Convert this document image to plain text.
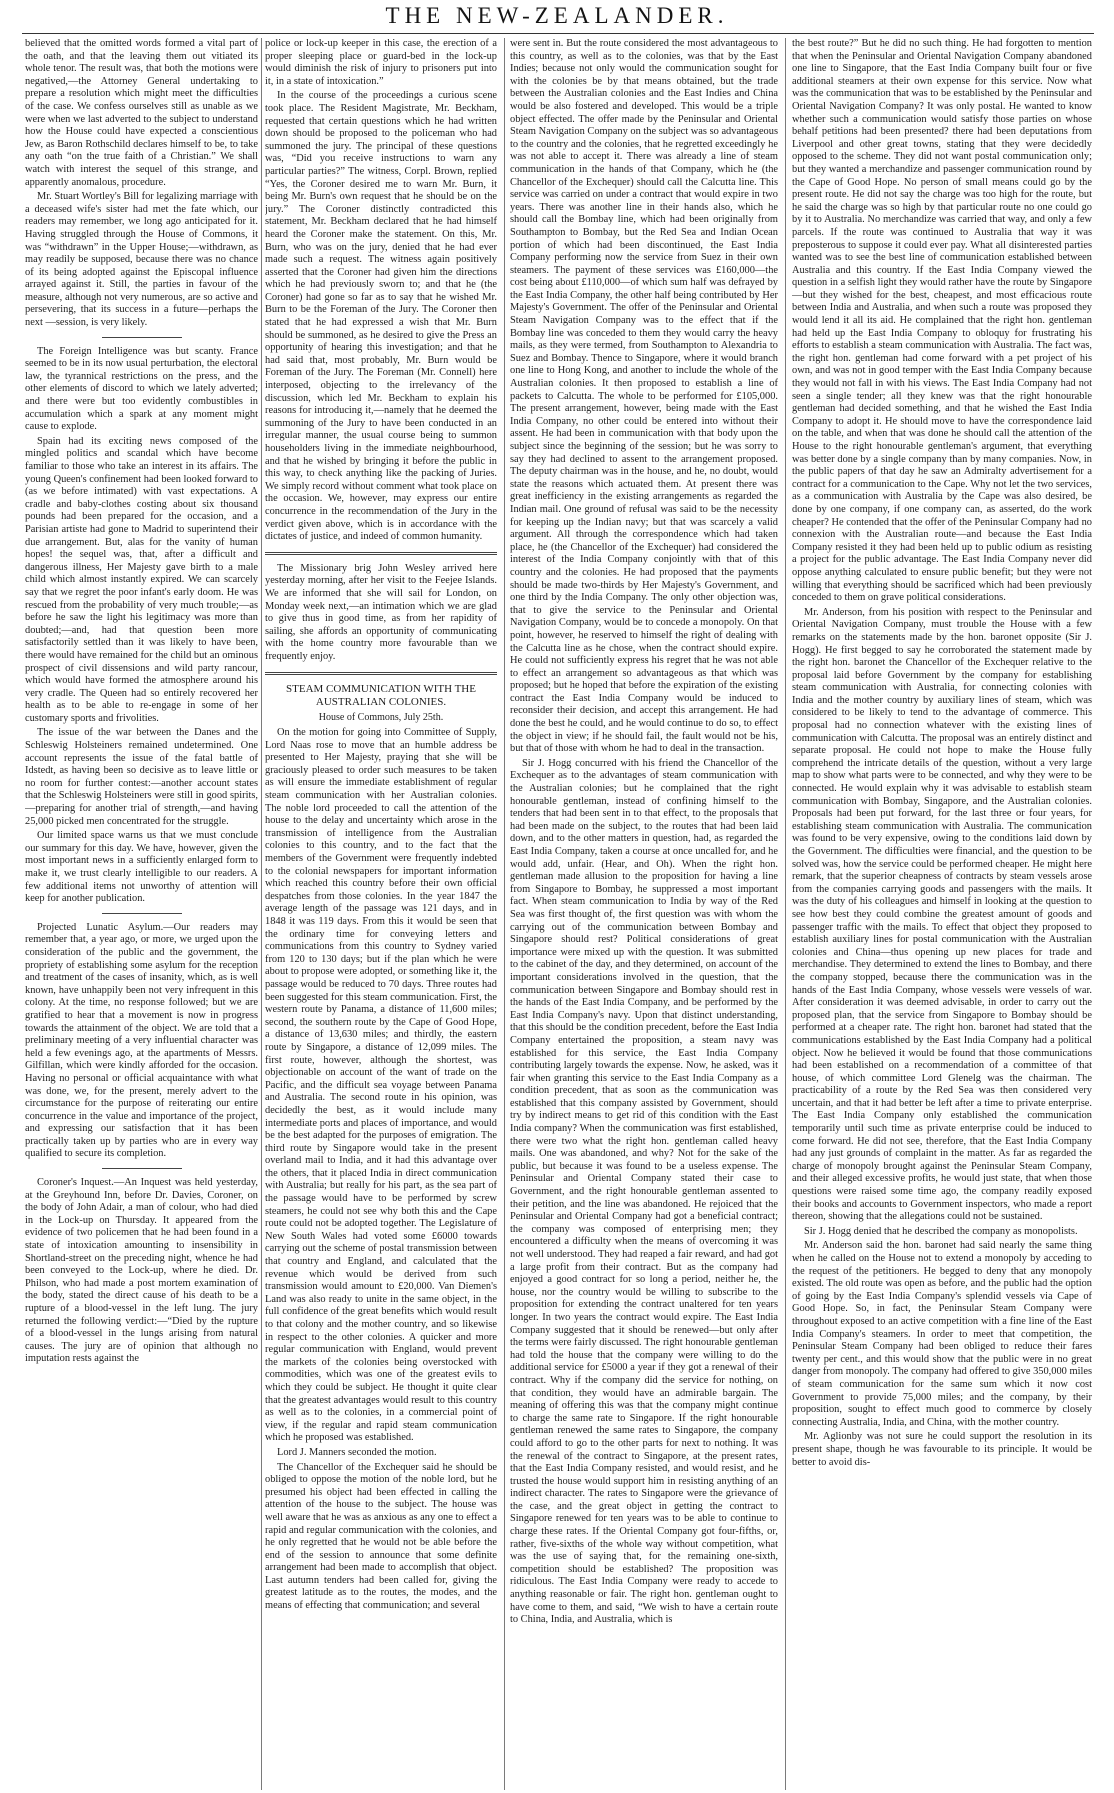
THE NEW-ZEALANDER.

believed that the omitted words formed a vital part of the oath, and that the leaving them out vitiated its whole tenor. The result was, that both the motions were negatived,—the Attorney General undertaking to prepare a resolution which might meet the difficulties of the case. We confess ourselves still as unable as we were when we last adverted to the subject to understand how the House could have expected a conscientious Jew, as Baron Rothschild declares himself to be, to take any oath “on the true faith of a Christian.” We shall watch with interest the sequel of this strange, and apparently anomalous, procedure.

Mr. Stuart Wortley's Bill for legalizing marriage with a deceased wife's sister had met the fate which, our readers may remember, we long ago anticipated for it. Having struggled through the House of Commons, it was “withdrawn” in the Upper House;—withdrawn, as may readily be supposed, because there was no chance of its being adopted against the Episcopal influence arrayed against it. Still, the parties in favour of the measure, although not very numerous, are so active and persevering, that its success in a future—perhaps the next —session, is very likely.

The Foreign Intelligence was but scanty. France seemed to be in its now usual perturbation, the electoral law, the tyrannical restrictions on the press, and the other elements of discord to which we lately adverted; and there were but too evidently combustibles in accumulation which a spark at any moment might cause to explode.

Spain had its exciting news composed of the mingled politics and scandal which have become familiar to those who take an interest in its affairs. The young Queen's confinement had been looked forward to (as we before intimated) with vast expectations. A cradle and baby-clothes costing about six thousand pounds had been prepared for the occasion, and a Parisian artiste had gone to Madrid to superintend their due arrangement. But, alas for the vanity of human hopes! the sequel was, that, after a difficult and dangerous illness, Her Majesty gave birth to a male child which almost instantly expired. We can scarcely say that we regret the poor infant's early doom. He was rescued from the probability of very much trouble;—as before he saw the light his legitimacy was more than doubted;—and, had that question been more satisfactorily settled than it was likely to have been, there would have remained for the child but an ominous prospect of civil dissensions and wild party rancour, which would have formed the atmosphere around his very cradle. The Queen had so entirely recovered her health as to be able to re-engage in some of her customary sports and frivolities.

The issue of the war between the Danes and the Schleswig Holsteiners remained undetermined. One account represents the issue of the fatal battle of Idstedt, as having been so decisive as to leave little or no room for further contest:—another account states that the Schleswig Holsteiners were still in good spirits,—preparing for another trial of strength,—and having 25,000 picked men concentrated for the struggle.

Our limited space warns us that we must conclude our summary for this day. We have, however, given the most important news in a sufficiently enlarged form to make it, we trust clearly intelligible to our readers. A few additional items not unworthy of attention will keep for another publication.

Projected Lunatic Asylum.—Our readers may remember that, a year ago, or more, we urged upon the consideration of the public and the government, the propriety of establishing some asylum for the reception and treatment of the cases of insanity, which, as is well known, have unhappily been not very infrequent in this colony. At the time, no response followed; but we are gratified to hear that a movement is now in progress towards the attainment of the object. We are told that a preliminary meeting of a very influential character was held a few evenings ago, at the apartments of Messrs. Gilfillan, which were kindly afforded for the occasion. Having no personal or official acquaintance with what was done, we, for the present, merely advert to the circumstance for the purpose of reiterating our entire concurrence in the value and importance of the project, and expressing our satisfaction that it has been practically taken up by parties who are in every way qualified to secure its completion.

Coroner's Inquest.—An Inquest was held yesterday, at the Greyhound Inn, before Dr. Davies, Coroner, on the body of John Adair, a man of colour, who had died in the Lock-up on Thursday. It appeared from the evidence of two policemen that he had been found in a state of intoxication amounting to insensibility in Shortland-street on the preceding night, whence he had been conveyed to the Lock-up, where he died. Dr. Philson, who had made a post mortem examination of the body, stated the direct cause of his death to be a rupture of a blood-vessel in the left lung. The jury returned the following verdict:—“Died by the rupture of a blood-vessel in the lungs arising from natural causes. The jury are of opinion that although no imputation rests against the

police or lock-up keeper in this case, the erection of a proper sleeping place or guard-bed in the lock-up would diminish the risk of injury to prisoners put into it, in a state of intoxication.”

In the course of the proceedings a curious scene took place. The Resident Magistrate, Mr. Beckham, requested that certain questions which he had written down should be proposed to the policeman who had summoned the jury. The principal of these questions was, “Did you receive instructions to warn any particular parties?” The witness, Corpl. Brown, replied “Yes, the Coroner desired me to warn Mr. Burn, it being Mr. Burn's own request that he should be on the jury.” The Coroner distinctly contradicted this statement, Mr. Beckham declared that he had himself heard the Coroner make the statement. On this, Mr. Burn, who was on the jury, denied that he had ever made such a request. The witness again positively asserted that the Coroner had given him the directions which he had previously sworn to; and that he (the Coroner) had gone so far as to say that he wished Mr. Burn to be the Foreman of the Jury. The Coroner then stated that he had expressed a wish that Mr. Burn should be summoned, as he desired to give the Press an opportunity of hearing this investigation; and that he had said that, most probably, Mr. Burn would be Foreman of the Jury. The Foreman (Mr. Connell) here interposed, objecting to the irrelevancy of the discussion, which led Mr. Beckham to explain his reasons for introducing it,—namely that he deemed the summoning of the Jury to have been conducted in an irregular manner, the usual course being to summon householders living in the immediate neighbourhood, and that he wished by bringing it before the public in this way, to check anything like the packing of Juries. We simply record without comment what took place on the occasion. We, however, may express our entire concurrence in the recommendation of the Jury in the verdict given above, which is in accordance with the dictates of justice, and indeed of common humanity.

The Missionary brig John Wesley arrived here yesterday morning, after her visit to the Feejee Islands. We are informed that she will sail for London, on Monday week next,—an intimation which we are glad to give thus in good time, as from her rapidity of sailing, she affords an opportunity of communicating with the home country more favourable than we frequently enjoy.

STEAM COMMUNICATION WITH THE AUSTRALIAN COLONIES.
House of Commons, July 25th.

On the motion for going into Committee of Supply, Lord Naas rose to move that an humble address be presented to Her Majesty, praying that she will be graciously pleased to order such measures to be taken as will ensure the immediate establishment of regular steam communication with her Australian colonies. The noble lord proceeded to call the attention of the house to the delay and uncertainty which arose in the transmission of intelligence from the Australian colonies to this country, and to the fact that the members of the Government were frequently indebted to the colonial newspapers for important information which reached this country before their own official despatches from those colonies. In the year 1847 the average length of the passage was 121 days, and in 1848 it was 119 days. From this it would be seen that the ordinary time for conveying letters and communications from this country to Sydney varied from 120 to 130 days; but if the plan which he were about to propose were adopted, or something like it, the passage would be reduced to 70 days. Three routes had been suggested for this steam communication. First, the western route by Panama, a distance of 11,600 miles; second, the southern route by the Cape of Good Hope, a distance of 13,630 miles; and thirdly, the eastern route by Singapore, a distance of 12,099 miles. The first route, however, although the shortest, was objectionable on account of the want of trade on the Pacific, and the difficult sea voyage between Panama and Australia. The second route in his opinion, was decidedly the best, as it would include many intermediate ports and places of importance, and would be the best adapted for the purposes of emigration. The third route by Singapore would take in the present overland mail to India, and it had this advantage over the others, that it placed India in direct communication with Australia; but really for his part, as the sea part of the passage would have to be performed by screw steamers, he could not see why both this and the Cape route could not be adopted together. The Legislature of New South Wales had voted some £6000 towards carrying out the scheme of postal transmission between that country and England, and calculated that the revenue which would be derived from such transmission would amount to £20,000. Van Diemen's Land was also ready to unite in the same object, in the full confidence of the great benefits which would result to that colony and the mother country, and so likewise in respect to the other colonies. A quicker and more regular communication with England, would prevent the markets of the colonies being overstocked with commodities, which was one of the greatest evils to which they could be subject. He thought it quite clear that the greatest advantages would result to this country as well as to the colonies, in a commercial point of view, if the regular and rapid steam communication which he proposed was established.

Lord J. Manners seconded the motion.

The Chancellor of the Exchequer said he should be obliged to oppose the motion of the noble lord, but he presumed his object had been effected in calling the attention of the house to the subject. The house was well aware that he was as anxious as any one to effect a rapid and regular communication with the colonies, and he only regretted that he would not be able before the end of the session to announce that some definite arrangement had been made to accomplish that object. Last autumn tenders had been called for, giving the greatest latitude as to the routes, the modes, and the means of effecting that communication; and several

were sent in. But the route considered the most advantageous to this country, as well as to the colonies, was that by the East Indies; because not only would the communication sought for with the colonies be by that means obtained, but the trade between the Australian colonies and the East Indies and China would be also fostered and developed. This would be a triple object effected. The offer made by the Peninsular and Oriental Steam Navigation Company on the subject was so advantageous to the country and the colonies, that he regretted exceedingly he was not able to accept it. There was already a line of steam communication in the hands of that Company, which he (the Chancellor of the Exchequer) should call the Calcutta line. This service was carried on under a contract that would expire in two years. There was another line in their hands also, which he should call the Bombay line, which had been originally from Southampton to Bombay, but the Red Sea and Indian Ocean portion of which had been discontinued, the East India Company performing now the service from Suez in their own steamers. The payment of these services was £160,000—the cost being about £110,000—of which sum half was defrayed by the East India Company, the other half being contributed by Her Majesty's Government. The offer of the Peninsular and Oriental Steam Navigation Company was to the effect that if the Bombay line was conceded to them they would carry the heavy mails, as they were termed, from Southampton to Alexandria to Suez and Bombay. Thence to Singapore, where it would branch one line to Hong Kong, and another to include the whole of the Australian colonies. It then proposed to establish a line of packets to Calcutta. The whole to be performed for £105,000. The present arrangement, however, being made with the East India Company, no other could be entered into without their assent. He had been in communication with that body upon the subject since the beginning of the session; but he was sorry to say they had declined to assent to the arrangement proposed. The deputy chairman was in the house, and he, no doubt, would state the reasons which actuated them. At present there was great inefficiency in the existing arrangements as regarded the Indian mail. One ground of refusal was said to be the necessity for keeping up the Indian navy; but that was scarcely a valid argument. All through the correspondence which had taken place, he (the Chancellor of the Exchequer) had considered the interest of the India Company conjointly with that of this country and the colonies. He had proposed that the payments should be made two-thirds by Her Majesty's Government, and one third by the India Company. The only other objection was, that to give the service to the Peninsular and Oriental Navigation Company, would be to concede a monopoly. On that point, however, he reserved to himself the right of dealing with the Calcutta line as he chose, when the contract should expire. He could not sufficiently express his regret that he was not able to effect an arrangement so advantageous as that which was proposed; but he hoped that before the expiration of the existing contract the East India Company would be induced to reconsider their decision, and accept this arrangement. He had done the best he could, and he would continue to do so, to effect the object in view; if he should fail, the fault would not be his, but that of those with whom he had to deal in the transaction.

Sir J. Hogg concurred with his friend the Chancellor of the Exchequer as to the advantages of steam communication with the Australian colonies; but he complained that the right honourable gentleman, instead of confining himself to the tenders that had been sent in to that effect, to the proposals that had been made on the subject, to the routes that had been laid down, and to the other matters in question, had, as regarded the East India Company, taken a course at once uncalled for, and he would add, unfair. (Hear, and Oh). When the right hon. gentleman made allusion to the proposition for having a line from Singapore to Bombay, he suppressed a most important fact. When steam communication to India by way of the Red Sea was first thought of, the first question was with whom the carrying out of the communication between Bombay and Singapore should rest? Political considerations of great importance were mixed up with the question. It was submitted to the cabinet of the day, and they determined, on account of the important considerations involved in the question, that the communication between Singapore and Bombay should rest in the hands of the East India Company, and be performed by the East India Company's navy. Upon that distinct understanding, that this should be the condition precedent, before the East India Company entertained the proposition, a steam navy was established for this service, the East India Company contributing largely towards the expense. Now, he asked, was it fair when granting this service to the East India Company as a condition precedent, that as soon as the communication was established that this company assisted by Government, should try by indirect means to get rid of this condition with the East India company? When the communication was first established, there were two what the right hon. gentleman called heavy mails. One was abandoned, and why? Not for the sake of the public, but because it was found to be a useless expense. The Peninsular and Oriental Company stated their case to Government, and the right honourable gentleman assented to their petition, and the line was abandoned. He rejoiced that the Peninsular and Oriental Company had got a beneficial contract; the company was composed of enterprising men; they encountered a difficulty when the means of overcoming it was not well understood. They had reaped a fair reward, and had got a large profit from their contract. But as the company had enjoyed a good contract for so long a period, neither he, the house, nor the country would be willing to subscribe to the proposition for extending the contract unaltered for ten years longer. In two years the contract would expire. The East India Company suggested that it should be renewed—but only after the terms were fairly discussed. The right honourable gentleman had told the house that the company were willing to do the additional service for £5000 a year if they got a renewal of their contract. Why if the company did the service for nothing, on that condition, they would have an admirable bargain. The meaning of offering this was that the company might continue to charge the same rate to Singapore. If the right honourable gentleman renewed the same rates to Singapore, the company could afford to go to the other parts for next to nothing. It was the renewal of the contract to Singapore, at the present rates, that the East India Company resisted, and would resist, and he trusted the house would support him in resisting anything of an indirect character. The rates to Singapore were the grievance of the case, and the great object in getting the contract to Singapore renewed for ten years was to be able to continue to charge these rates. If the Oriental Company got four-fifths, or, rather, five-sixths of the whole way without competition, what was the use of saying that, for the remaining one-sixth, competition should be established? The proposition was ridiculous. The East India Company were ready to accede to anything reasonable or fair. The right hon. gentleman ought to have come to them, and said, “We wish to have a certain route to China, India, and Australia, which is

the best route?” But he did no such thing. He had forgotten to mention that when the Peninsular and Oriental Navigation Company abandoned one line to Singapore, that the East India Company built four or five additional steamers at their own expense for this service. Now what was the communication that was to be established by the Peninsular and Oriental Navigation Company? It was only postal. He wanted to know whether such a communication would satisfy those parties on whose behalf petitions had been presented? there had been deputations from Liverpool and other great towns, stating that they were decidedly opposed to the scheme. They did not want postal communication only; but they wanted a merchandize and passenger communication round by the Cape of Good Hope. No person of small means could go by the present route. He did not say the charge was too high for the route, but he said the charge was so high by that particular route no one could go by it to Australia. No merchandize was carried that way, and only a few parcels. If the route was continued to Australia that way it was preposterous to suppose it could ever pay. What all disinterested parties wanted was to see the best line of communication established between Australia and this country. If the East India Company viewed the question in a selfish light they would rather have the route by Singapore —but they wished for the best, cheapest, and most efficacious route between India and Australia, and when such a route was proposed they would lend it all its aid. He complained that the right hon. gentleman had held up the East India Company to obloquy for frustrating his efforts to establish a steam communication with Australia. The fact was, the right hon. gentleman had come forward with a pet project of his own, and was not in good temper with the East India Company because they would not fall in with his views. The East India Company had not seen a single tender; all they knew was that the right honourable gentleman had decided something, and that he wished the East India Company to adopt it. He should move to have the correspondence laid on the table, and when that was done he should call the attention of the House to the right honourable gentleman's argument, that everything was better done by a single company than by many companies. Now, in the public papers of that day he saw an Admiralty advertisement for a contract for a communication to the Cape. Why not let the two services, as a communication with Australia by the Cape was also desired, be done by one company, if one company can, as asserted, do the work cheaper? He contended that the offer of the Peninsular Company had no connexion with the Australian route—and because the East India Company resisted it they had been held up to public odium as resisting a project for the public advantage. The East India Company never did oppose anything calculated to ensure public benefit; but they were not willing that everything should be sacrificed which had been previously conceded to them on grave political considerations.

Mr. Anderson, from his position with respect to the Peninsular and Oriental Navigation Company, must trouble the House with a few remarks on the statements made by the hon. baronet opposite (Sir J. Hogg). He first begged to say he corroborated the statement made by the right hon. baronet the Chancellor of the Exchequer relative to the proposal laid before Government by the company for establishing steam communication with Australia, for connecting colonies with India and the mother country by auxiliary lines of steam, which was considered to be likely to tend to the advantage of commerce. This proposal had no connection whatever with the existing lines of communication with Calcutta. The proposal was an entirely distinct and separate proposal. He could not hope to make the House fully comprehend the intricate details of the question, without a very large map to show what parts were to be connected, and why they were to be connected. He would explain why it was advisable to establish steam communication with Bombay, Singapore, and the Australian colonies. Proposals had been put forward, for the last three or four years, for establishing steam communication with Australia. The communication was found to be very expensive, owing to the conditions laid down by the Government. The difficulties were financial, and the question to be solved was, how the service could be performed cheaper. He might here remark, that the superior cheapness of contracts by steam vessels arose from the companies carrying goods and passengers with the mails. It was the duty of his colleagues and himself in looking at the question to see how best they could combine the greatest amount of goods and passenger traffic with the mails. To effect that object they proposed to establish auxiliary lines for postal communication with the Australian colonies and China—thus opening up new places for trade and merchandise. They determined to extend the lines to Bombay, and there the company stopped, because there the communication was in the hands of the East India Company, whose vessels were vessels of war. After consideration it was deemed advisable, in order to carry out the proposed plan, that the service from Singapore to Bombay should be performed at a cheaper rate. The right hon. baronet had stated that the communications established by the East India Company had a political object. Now he believed it would be found that those communications had been established on a recommendation of a committee of that house, of which committee Lord Glenelg was the chairman. The practicability of a route by the Red Sea was then considered very uncertain, and that it had better be left after a time to private enterprise. The East India Company only established the communication temporarily until such time as private enterprise could be induced to come forward. He did not see, therefore, that the East India Company had any just grounds of complaint in the matter. As far as regarded the charge of monopoly brought against the Peninsular Steam Company, and their alleged excessive profits, he would just state, that when those questions were raised some time ago, the company readily exposed their books and accounts to Government inspectors, who made a report thereon, showing that the allegations could not be sustained.

Sir J. Hogg denied that he described the company as monopolists.

Mr. Anderson said the hon. baronet had said nearly the same thing when he called on the House not to extend a monopoly by acceding to the request of the petitioners. He begged to deny that any monopoly existed. The old route was open as before, and the public had the option of going by the East India Company's splendid vessels via Cape of Good Hope. So, in fact, the Peninsular Steam Company were throughout exposed to an active competition with a fine line of the East India Company's steamers. In order to meet that competition, the Peninsular Steam Company had been obliged to reduce their fares twenty per cent., and this would show that the public were in no great danger from monopoly. The company had offered to give 350,000 miles of steam communication for the same sum which it now cost Government to provide 75,000 miles; and the company, by their proposition, sought to effect much good to commerce by closely connecting Australia, India, and China, with the mother country.

Mr. Aglionby was not sure he could support the resolution in its present shape, though he was favourable to its principle. It would be better to avoid dis-
